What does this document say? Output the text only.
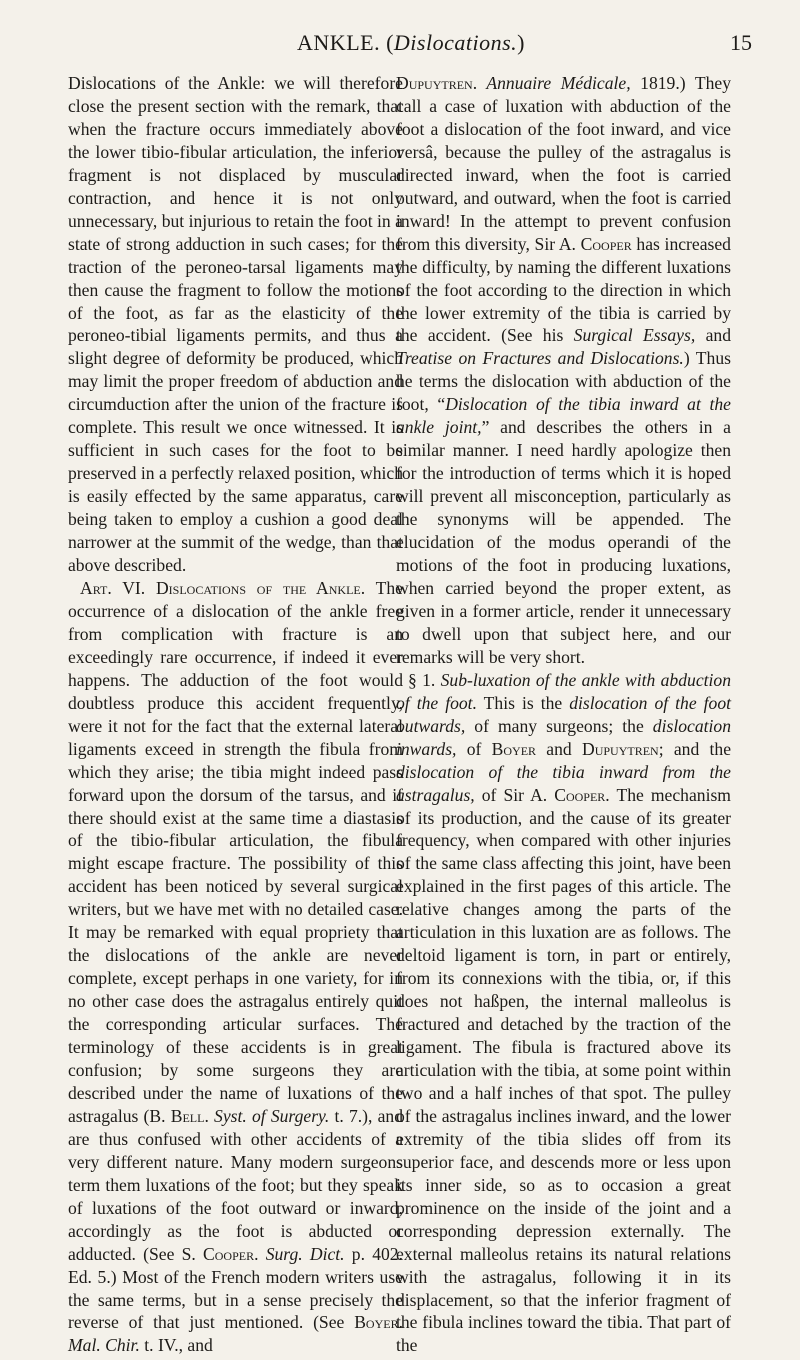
ANKLE. (Dislocations.)	15

Dislocations of the Ankle: we will therefore close the present section with the remark, that when the fracture occurs immediately above the lower tibio-fibular articulation, the inferior fragment is not displaced by muscular contraction, and hence it is not only unnecessary, but injurious to retain the foot in a state of strong adduction in such cases; for the traction of the peroneo-tarsal ligaments may then cause the fragment to follow the motions of the foot, as far as the elasticity of the peroneo-tibial ligaments permits, and thus a slight degree of deformity be produced, which may limit the proper freedom of abduction and circumduction after the union of the fracture is complete. This result we once witnessed. It is sufficient in such cases for the foot to be preserved in a perfectly relaxed position, which is easily effected by the same apparatus, care being taken to employ a cushion a good deal narrower at the summit of the wedge, than that above described.

Art. VI. Dislocations of the Ankle. The occurrence of a dislocation of the ankle free from complication with fracture is an exceedingly rare occurrence, if indeed it ever happens. The adduction of the foot would doubtless produce this accident frequently, were it not for the fact that the external lateral ligaments exceed in strength the fibula from which they arise; the tibia might indeed pass forward upon the dorsum of the tarsus, and if there should exist at the same time a diastasis of the tibio-fibular articulation, the fibula might escape fracture. The possibility of this accident has been noticed by several surgical writers, but we have met with no detailed case. It may be remarked with equal propriety that the dislocations of the ankle are never complete, except perhaps in one variety, for in no other case does the astragalus entirely quit the corresponding articular surfaces. The terminology of these accidents is in great confusion; by some surgeons they are described under the name of luxations of the astragalus (B. Bell. Syst. of Surgery. t. 7.), and are thus confused with other accidents of a very different nature. Many modern surgeons term them luxations of the foot; but they speak of luxations of the foot outward or inward, accordingly as the foot is abducted or adducted. (See S. Cooper. Surg. Dict. p. 402. Ed. 5.) Most of the French modern writers use the same terms, but in a sense precisely the reverse of that just mentioned. (See Boyer. Mal. Chir. t. IV., and

Dupuytren. Annuaire Médicale, 1819.) They call a case of luxation with abduction of the foot a dislocation of the foot inward, and vice versâ, because the pulley of the astragalus is directed inward, when the foot is carried outward, and outward, when the foot is carried inward! In the attempt to prevent confusion from this diversity, Sir A. Cooper has increased the difficulty, by naming the different luxations of the foot according to the direction in which the lower extremity of the tibia is carried by the accident. (See his Surgical Essays, and Treatise on Fractures and Dislocations.) Thus he terms the dislocation with abduction of the foot, “Dislocation of the tibia inward at the ankle joint,” and describes the others in a similar manner. I need hardly apologize then for the introduction of terms which it is hoped will prevent all misconception, particularly as the synonyms will be appended. The elucidation of the modus operandi of the motions of the foot in producing luxations, when carried beyond the proper extent, as given in a former article, render it unnecessary to dwell upon that subject here, and our remarks will be very short.

§ 1. Sub-luxation of the ankle with abduction of the foot. This is the dislocation of the foot outwards, of many surgeons; the dislocation inwards, of Boyer and Dupuytren; and the dislocation of the tibia inward from the astragalus, of Sir A. Cooper. The mechanism of its production, and the cause of its greater frequency, when compared with other injuries of the same class affecting this joint, have been explained in the first pages of this article. The relative changes among the parts of the articulation in this luxation are as follows. The deltoid ligament is torn, in part or entirely, from its connexions with the tibia, or, if this does not haßpen, the internal malleolus is fractured and detached by the traction of the ligament. The fibula is fractured above its articulation with the tibia, at some point within two and a half inches of that spot. The pulley of the astragalus inclines inward, and the lower extremity of the tibia slides off from its superior face, and descends more or less upon its inner side, so as to occasion a great prominence on the inside of the joint and a corresponding depression externally. The external malleolus retains its natural relations with the astragalus, following it in its displacement, so that the inferior fragment of the fibula inclines toward the tibia. That part of the
